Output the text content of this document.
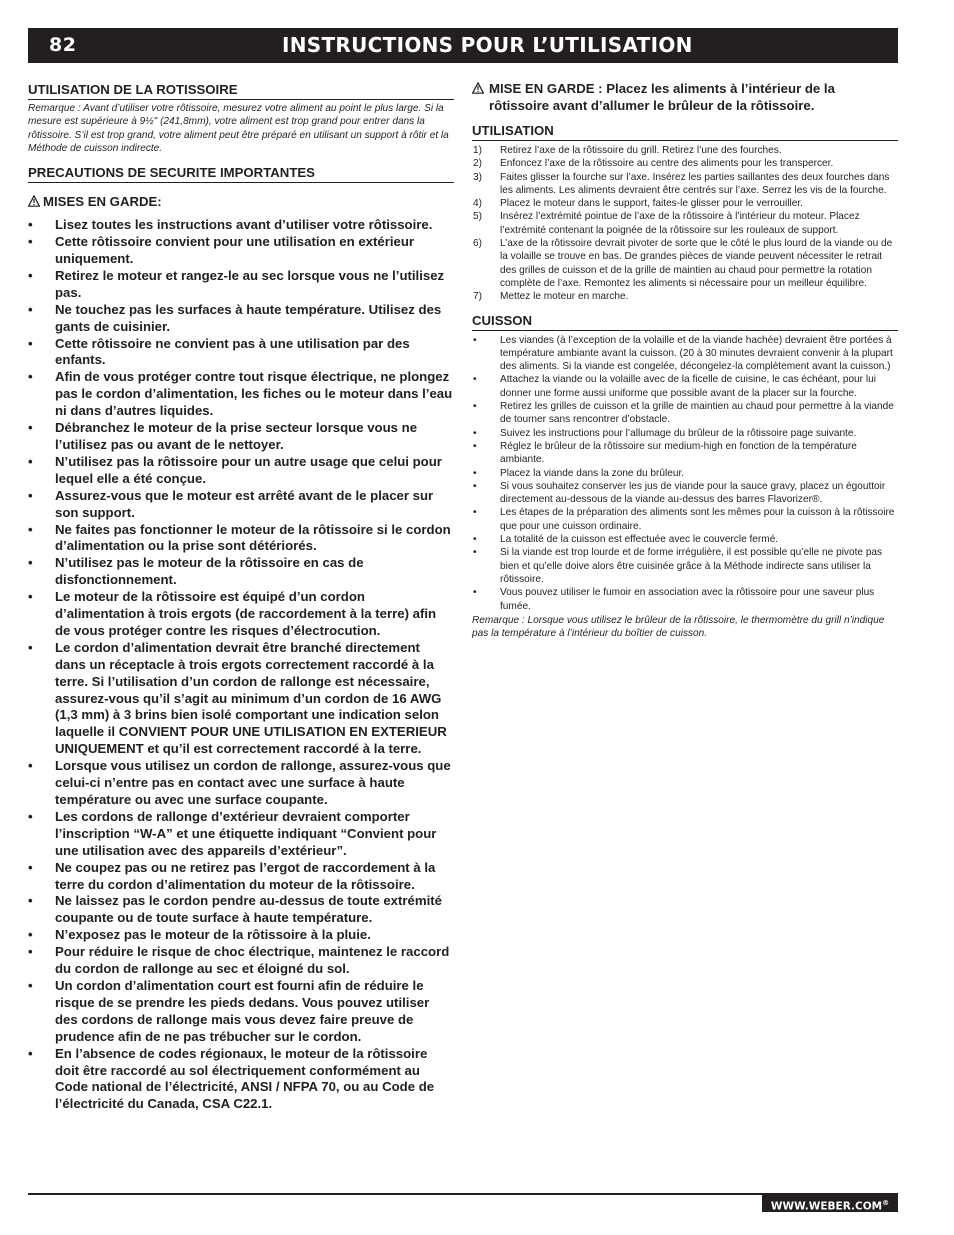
82	INSTRUCTIONS POUR L’UTILISATION
UTILISATION DE LA ROTISSOIRE

Remarque : Avant d’utiliser votre rôtissoire, mesurez votre aliment au point le plus large. Si la mesure est supérieure à 9½" (241,8mm), votre aliment est trop grand pour entrer dans la rôtissoire. S’il est trop grand, votre aliment peut être préparé en utilisant un support à rôtir et la Méthode de cuisson indirecte.

PRECAUTIONS DE SECURITE IMPORTANTES
MISES EN GARDE:
• Lisez toutes les instructions avant d’utiliser votre rôtissoire.
• Cette rôtissoire convient pour une utilisation en extérieur uniquement.
• Retirez le moteur et rangez-le au sec lorsque vous ne l’utilisez pas.
• Ne touchez pas les surfaces à haute température. Utilisez des gants de cuisinier.
• Cette rôtissoire ne convient pas à une utilisation par des enfants.
• Afin de vous protéger contre tout risque électrique, ne plongez pas le cordon d’alimentation, les fiches ou le moteur dans l’eau ni dans d’autres liquides.
• Débranchez le moteur de la prise secteur lorsque vous ne l’utilisez pas ou avant de le nettoyer.
• N’utilisez pas la rôtissoire pour un autre usage que celui pour lequel elle a été conçue.
• Assurez-vous que le moteur est arrêté avant de le placer sur son support.
• Ne faites pas fonctionner le moteur de la rôtissoire si le cordon d’alimentation ou la prise sont détériorés.
• N’utilisez pas le moteur de la rôtissoire en cas de disfonctionnement.
• Le moteur de la rôtissoire est équipé d’un cordon d’alimentation à trois ergots (de raccordement à la terre) afin de vous protéger contre les risques d’électrocution.
• Le cordon d’alimentation devrait être branché directement dans un réceptacle à trois ergots correctement raccordé à la terre. Si l’utilisation d’un cordon de rallonge est nécessaire, assurez-vous qu’il s’agit au minimum d’un cordon de 16 AWG (1,3 mm) à 3 brins bien isolé comportant une indication selon laquelle il CONVIENT POUR UNE UTILISATION EN EXTERIEUR UNIQUEMENT et qu’il est correctement raccordé à la terre.
• Lorsque vous utilisez un cordon de rallonge, assurez-vous que celui-ci n’entre pas en contact avec une surface à haute température ou avec une surface coupante.
• Les cordons de rallonge d’extérieur devraient comporter l’inscription “W-A” et une étiquette indiquant “Convient pour une utilisation avec des appareils d’extérieur”.
• Ne coupez pas ou ne retirez pas l’ergot de raccordement à la terre du cordon d’alimentation du moteur de la rôtissoire.
• Ne laissez pas le cordon pendre au-dessus de toute extrémité coupante ou de toute surface à haute température.
• N’exposez pas le moteur de la rôtissoire à la pluie.
• Pour réduire le risque de choc électrique, maintenez le raccord du cordon de rallonge au sec et éloigné du sol.
• Un cordon d’alimentation court est fourni afin de réduire le risque de se prendre les pieds dedans. Vous pouvez utiliser des cordons de rallonge mais vous devez faire preuve de prudence afin de ne pas trébucher sur le cordon.
• En l’absence de codes régionaux, le moteur de la rôtissoire doit être raccordé au sol électriquement conformément au Code national de l’électricité, ANSI / NFPA 70, ou au Code de l’électricité du Canada, CSA C22.1.
MISE EN GARDE : Placez les aliments à l’intérieur de la rôtissoire avant d’allumer le brûleur de la rôtissoire.
UTILISATION
1) Retirez l’axe de la rôtissoire du grill. Retirez l’une des fourches.
2) Enfoncez l’axe de la rôtissoire au centre des aliments pour les transpercer.
3) Faites glisser la fourche sur l’axe. Insérez les parties saillantes des deux fourches dans les aliments. Les aliments devraient être centrés sur l’axe. Serrez les vis de la fourche.
4) Placez le moteur dans le support, faites-le glisser pour le verrouiller.
5) Insérez l’extrémité pointue de l’axe de la rôtissoire à l’intérieur du moteur. Placez l’extrémité contenant la poignée de la rôtissoire sur les rouleaux de support.
6) L’axe de la rôtissoire devrait pivoter de sorte que le côté le plus lourd de la viande ou de la volaille se trouve en bas. De grandes pièces de viande peuvent nécessiter le retrait des grilles de cuisson et de la grille de maintien au chaud pour permettre la rotation complète de l’axe. Remontez les aliments si nécessaire pour un meilleur équilibre.
7) Mettez le moteur en marche.
CUISSON
• Les viandes (à l’exception de la volaille et de la viande hachée) devraient être portées à température ambiante avant la cuisson. (20 à 30 minutes devraient convenir à la plupart des aliments. Si la viande est congelée, décongelez-la complètement avant la cuisson.)
• Attachez la viande ou la volaille avec de la ficelle de cuisine, le cas échéant, pour lui donner une forme aussi uniforme que possible avant de la placer sur la fourche.
• Retirez les grilles de cuisson et la grille de maintien au chaud pour permettre à la viande de tourner sans rencontrer d’obstacle.
• Suivez les instructions pour l’allumage du brûleur de la rôtissoire page suivante.
• Réglez le brûleur de la rôtissoire sur medium-high en fonction de la température ambiante.
• Placez la viande dans la zone du brûleur.
• Si vous souhaitez conserver les jus de viande pour la sauce gravy, placez un égouttoir directement au-dessous de la viande au-dessus des barres Flavorizer®.
• Les étapes de la préparation des aliments sont les mêmes pour la cuisson à la rôtissoire que pour une cuisson ordinaire.
• La totalité de la cuisson est effectuée avec le couvercle fermé.
• Si la viande est trop lourde et de forme irrégulière, il est possible qu’elle ne pivote pas bien et qu’elle doive alors être cuisinée grâce à la Méthode indirecte sans utiliser la rôtissoire.
• Vous pouvez utiliser le fumoir en association avec la rôtissoire pour une saveur plus fumée.

Remarque : Lorsque vous utilisez le brûleur de la rôtissoire, le thermomètre du grill n’indique pas la température à l’intérieur du boîtier de cuisson.

WWW.WEBER.COM®
